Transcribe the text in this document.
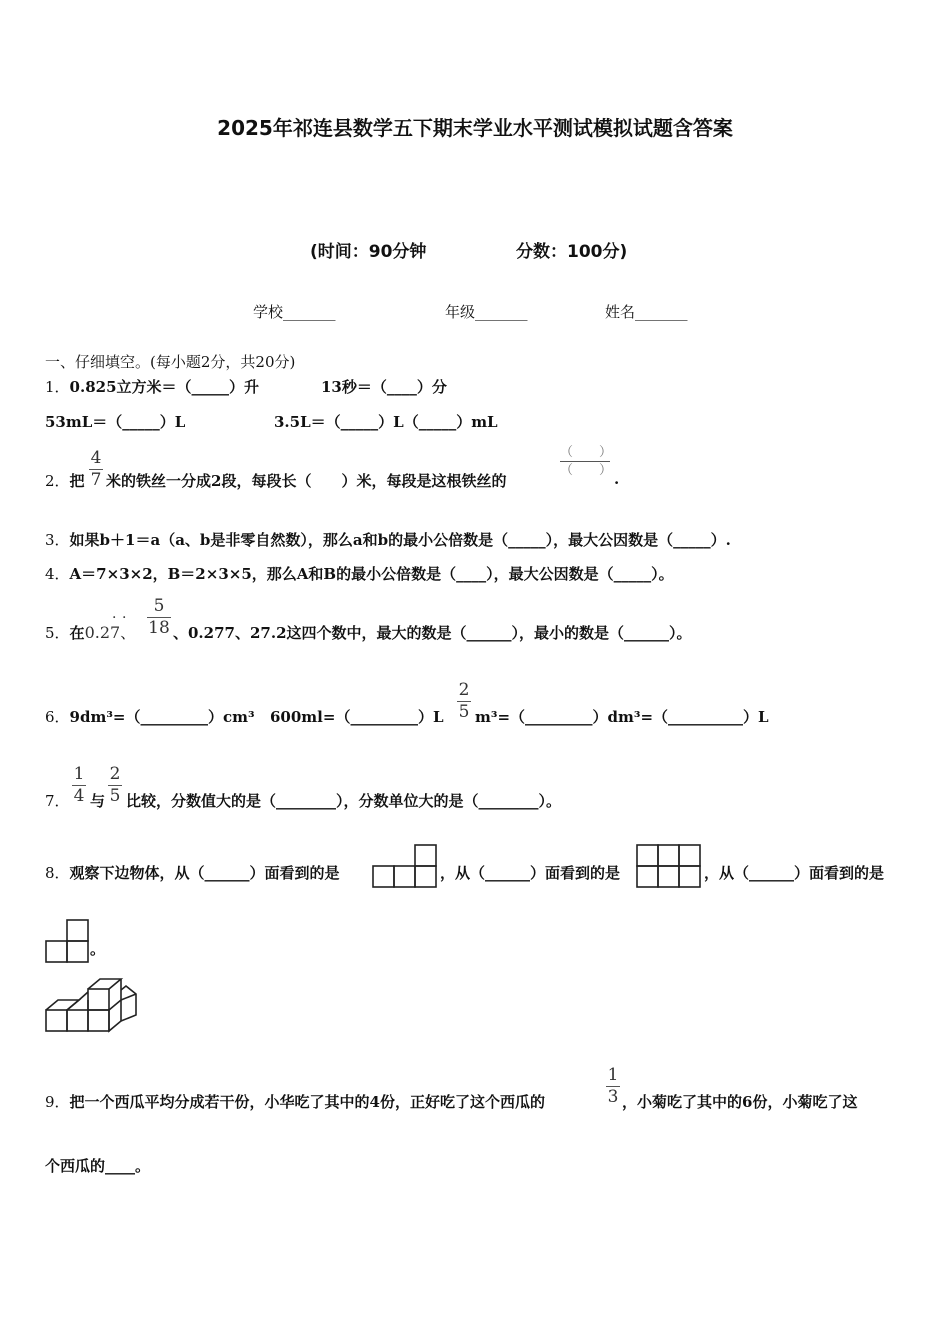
2025年祁连县数学五下期末学业水平测试模拟试题含答案
(时间：90分钟	分数：100分)
学校_______	年级_______	姓名_______
一、仔细填空。(每小题2分，共20分)
1．0.825立方米＝（_____）升	13秒＝（____）分
53mL＝（_____）L	3.5L＝（_____）L（_____）mL
2．把
4
7 米的铁丝一分成2段，每段长（　　）米，每段是这根铁丝的
（　　）
（　　） .
3．如果b＋1＝a（a、b是非零自然数），那么a和b的最小公倍数是（_____），最大公因数是（_____）.
4．A＝7×3×2，B＝2×3×5，那么A和B的最小公倍数是（____），最大公因数是（_____）。
5．在0.27、
· ·
5
18 、0.277、27.2这四个数中，最大的数是（______），最小的数是（______）。
6．9dm³=（_________）cm³ 600ml=（_________）L
2
5 m³=（_________）dm³=（__________）L
7．
1
4 与
2
5 比较，分数值大的是（________），分数单位大的是（________）。
8．观察下边物体，从（______）面看到的是	，从（______）面看到的是	，从（______）面看到的是
。
9．把一个西瓜平均分成若干份，小华吃了其中的4份，正好吃了这个西瓜的
1
3 ，小菊吃了其中的6份，小菊吃了这
个西瓜的____。
